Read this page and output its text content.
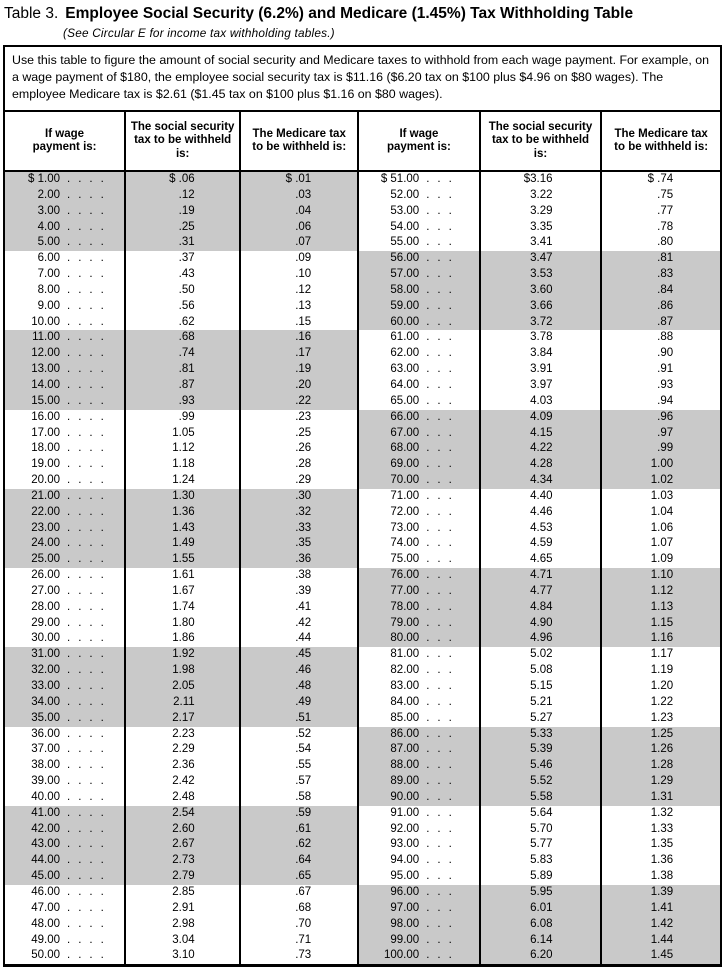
Table 3. Employee Social Security (6.2%) and Medicare (1.45%) Tax Withholding Table
(See Circular E for income tax withholding tables.)
Use this table to figure the amount of social security and Medicare taxes to withhold from each wage payment. For example, on a wage payment of $180, the employee social security tax is $11.16 ($6.20 tax on $100 plus $4.96 on $80 wages). The employee Medicare tax is $2.61 ($1.45 tax on $100 plus $1.16 on $80 wages).
If wage payment is:	The social security tax to be withheld is:	The Medicare tax to be withheld is:	If wage payment is:	The social security tax to be withheld is:	The Medicare tax to be withheld is:
$ 1.00 ....	$ .06	$ .01	$ 51.00 ...	$3.16	$ .74
2.00 ....	.12	.03	52.00 ...	3.22	.75
3.00 ....	.19	.04	53.00 ...	3.29	.77
4.00 ....	.25	.06	54.00 ...	3.35	.78
5.00 ....	.31	.07	55.00 ...	3.41	.80
6.00 ....	.37	.09	56.00 ...	3.47	.81
7.00 ....	.43	.10	57.00 ...	3.53	.83
8.00 ....	.50	.12	58.00 ...	3.60	.84
9.00 ....	.56	.13	59.00 ...	3.66	.86
10.00 ....	.62	.15	60.00 ...	3.72	.87
11.00 ....	.68	.16	61.00 ...	3.78	.88
12.00 ....	.74	.17	62.00 ...	3.84	.90
13.00 ....	.81	.19	63.00 ...	3.91	.91
14.00 ....	.87	.20	64.00 ...	3.97	.93
15.00 ....	.93	.22	65.00 ...	4.03	.94
16.00 ....	.99	.23	66.00 ...	4.09	.96
17.00 ....	1.05	.25	67.00 ...	4.15	.97
18.00 ....	1.12	.26	68.00 ...	4.22	.99
19.00 ....	1.18	.28	69.00 ...	4.28	1.00
20.00 ....	1.24	.29	70.00 ...	4.34	1.02
21.00 ....	1.30	.30	71.00 ...	4.40	1.03
22.00 ....	1.36	.32	72.00 ...	4.46	1.04
23.00 ....	1.43	.33	73.00 ...	4.53	1.06
24.00 ....	1.49	.35	74.00 ...	4.59	1.07
25.00 ....	1.55	.36	75.00 ...	4.65	1.09
26.00 ....	1.61	.38	76.00 ...	4.71	1.10
27.00 ....	1.67	.39	77.00 ...	4.77	1.12
28.00 ....	1.74	.41	78.00 ...	4.84	1.13
29.00 ....	1.80	.42	79.00 ...	4.90	1.15
30.00 ....	1.86	.44	80.00 ...	4.96	1.16
31.00 ....	1.92	.45	81.00 ...	5.02	1.17
32.00 ....	1.98	.46	82.00 ...	5.08	1.19
33.00 ....	2.05	.48	83.00 ...	5.15	1.20
34.00 ....	2.11	.49	84.00 ...	5.21	1.22
35.00 ....	2.17	.51	85.00 ...	5.27	1.23
36.00 ....	2.23	.52	86.00 ...	5.33	1.25
37.00 ....	2.29	.54	87.00 ...	5.39	1.26
38.00 ....	2.36	.55	88.00 ...	5.46	1.28
39.00 ....	2.42	.57	89.00 ...	5.52	1.29
40.00 ....	2.48	.58	90.00 ...	5.58	1.31
41.00 ....	2.54	.59	91.00 ...	5.64	1.32
42.00 ....	2.60	.61	92.00 ...	5.70	1.33
43.00 ....	2.67	.62	93.00 ...	5.77	1.35
44.00 ....	2.73	.64	94.00 ...	5.83	1.36
45.00 ....	2.79	.65	95.00 ...	5.89	1.38
46.00 ....	2.85	.67	96.00 ...	5.95	1.39
47.00 ....	2.91	.68	97.00 ...	6.01	1.41
48.00 ....	2.98	.70	98.00 ...	6.08	1.42
49.00 ....	3.04	.71	99.00 ...	6.14	1.44
50.00 ....	3.10	.73	100.00 ...	6.20	1.45
